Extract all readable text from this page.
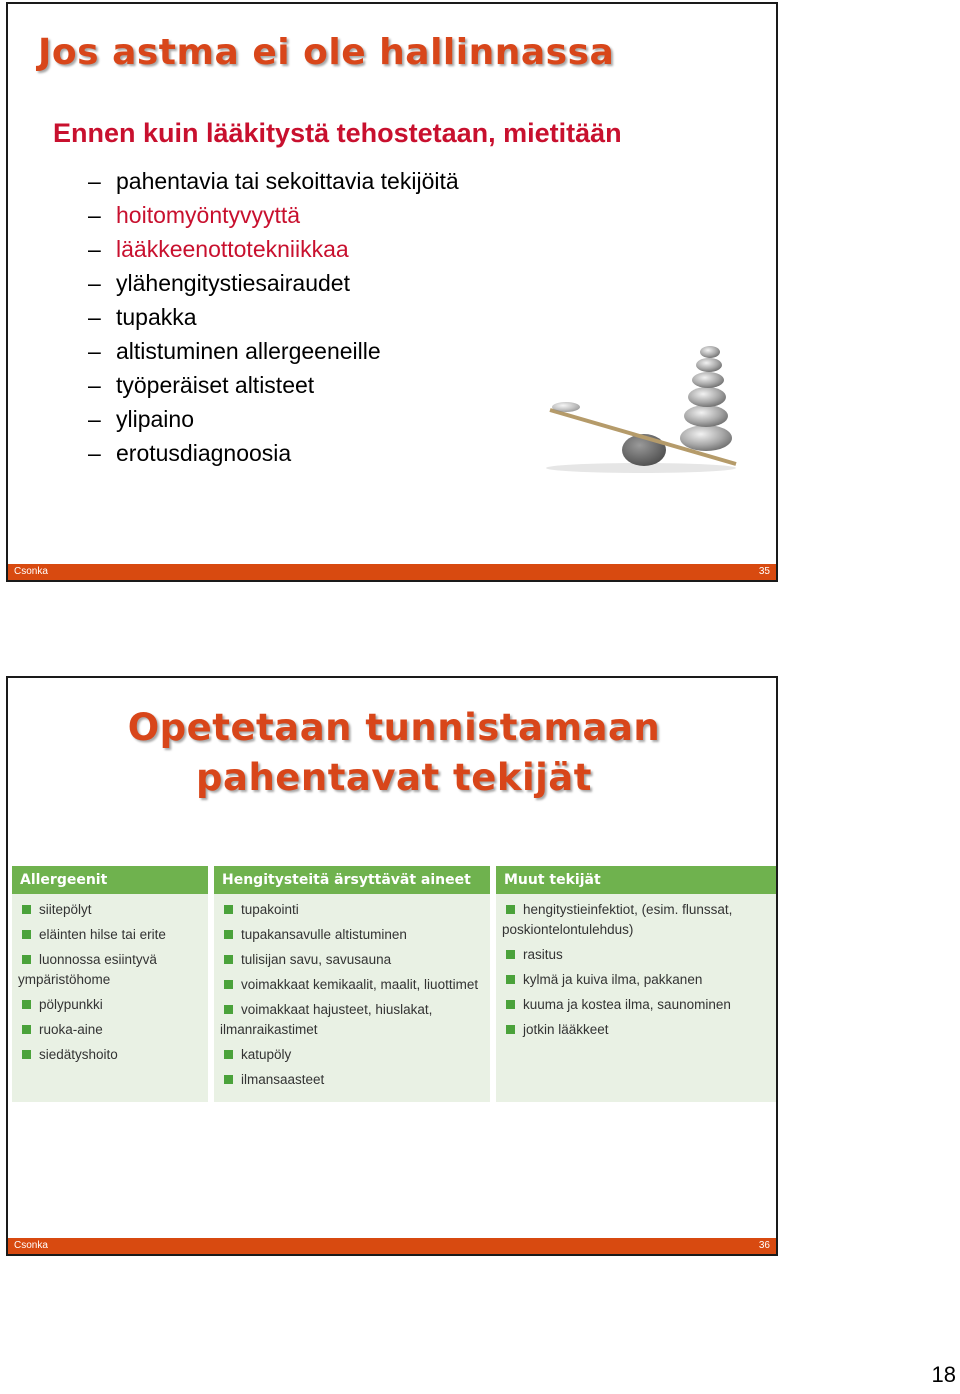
Jos astma ei ole hallinnassa
Ennen kuin lääkitystä tehostetaan, mietitään
– pahentavia tai sekoittavia tekijöitä
– hoitomyöntyvyyttä
– lääkkeenottotekniikkaa
– ylähengitystiesairaudet
– tupakka
– altistuminen allergeeneille
– työperäiset altisteet
– ylipaino
– erotusdiagnoosia
Csonka	35
Opetetaan tunnistamaan
pahentavat tekijät
Allergeenit
siitepölyt
eläinten hilse tai erite
luonnossa esiintyvä ympäristöhome
pölypunkki
ruoka-aine
siedätyshoito
Hengitysteitä ärsyttävät aineet
tupakointi
tupakansavulle altistuminen
tulisijan savu, savusauna
voimakkaat kemikaalit, maalit, liuottimet
voimakkaat hajusteet, hiuslakat, ilmanraikastimet
katupöly
ilmansaasteet
Muut tekijät
hengitystieinfektiot, (esim. flunssat, poskiontelontulehdus)
rasitus
kylmä ja kuiva ilma, pakkanen
kuuma ja kostea ilma, saunominen
jotkin lääkkeet
Csonka	36
18
